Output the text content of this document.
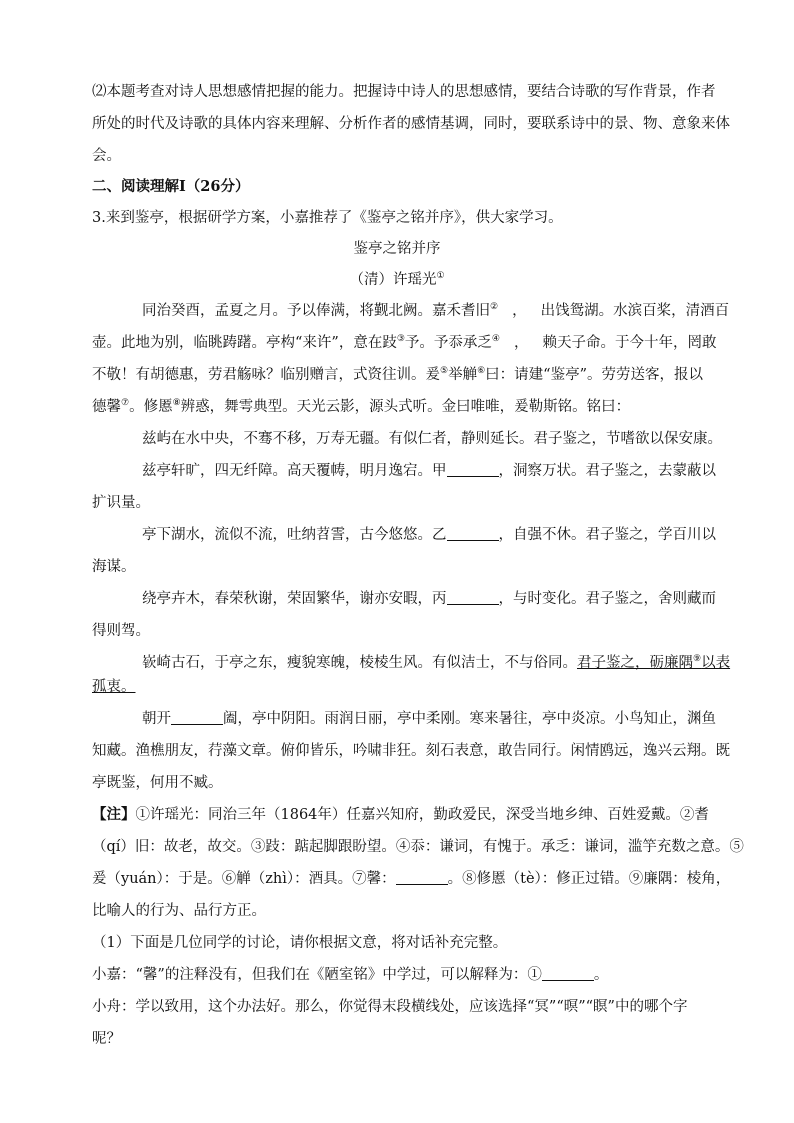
⑵本题考查对诗人思想感情把握的能力。把握诗中诗人的思想感情，要结合诗歌的写作背景，作者
所处的时代及诗歌的具体内容来理解、分析作者的感情基调，同时，要联系诗中的景、物、意象来体
会。
二、阅读理解Ⅰ（26分）
3.来到鉴亭，根据研学方案，小嘉推荐了《鉴亭之铭并序》，供大家学习。
鉴亭之铭并序
（清）许瑶光①
同治癸酉，孟夏之月。予以俸满，将觐北阙。嘉禾耆旧② ， 出饯鸳湖。水滨百桨，清酒百
壶。此地为别，临眺踌躇。亭构“来许”，意在跂③予。予忝承乏④ ， 赖天子命。于今十年，罔敢
不敬！有胡德惠，劳君觞咏？临别赠言，式资往训。爰⑤举觯⑥曰：请建“鉴亭”。劳劳送客，报以
德馨⑦。修慝⑧辨惑，舞雩典型。天光云影，源头式听。金曰唯唯，爰勒斯铭。铭曰：
兹屿在水中央，不骞不移，万寿无疆。有似仁者，静则延长。君子鉴之，节嗜欲以保安康。
兹亭轩旷，四无纤障。高天覆帱，明月逸宕。甲	，洞察万状。君子鉴之，去蒙蔽以
扩识量。
亭下湖水，流似不流，吐纳苕霅，古今悠悠。乙	，自强不休。君子鉴之，学百川以
海谋。
绕亭卉木，春荣秋谢，荣固繁华，谢亦安暇，丙	，与时变化。君子鉴之，舍则藏而
得则驾。
嵚崎古石，于亭之东，瘦貌寒魄，棱棱生风。有似洁士，不与俗同。君子鉴之，砺廉隅⑨以表
孤衷。
朝开	阖，亭中阴阳。雨润日丽，亭中柔刚。寒来暑往，亭中炎凉。小鸟知止，渊鱼
知藏。渔樵朋友，荇藻文章。俯仰皆乐，吟啸非狂。刻石表意，敢告同行。闲情鸥远，逸兴云翔。既
亭既鉴，何用不臧。
【注】①许瑶光：同治三年（1864年）任嘉兴知府，勤政爱民，深受当地乡绅、百姓爱戴。②耆
（qí）旧：故老，故交。③跂：踮起脚跟盼望。④忝：谦词，有愧于。承乏：谦词，滥竽充数之意。⑤
爰（yuán）：于是。⑥觯（zhì）：酒具。⑦馨：	。⑧修慝（tè）：修正过错。⑨廉隅：棱角，
比喻人的行为、品行方正。
（1）下面是几位同学的讨论，请你根据文意，将对话补充完整。
小嘉：“馨”的注释没有，但我们在《陋室铭》中学过，可以解释为：①	。
小舟：学以致用，这个办法好。那么，你觉得末段横线处，应该选择“冥”“暝”“瞑”中的哪个字
呢？
